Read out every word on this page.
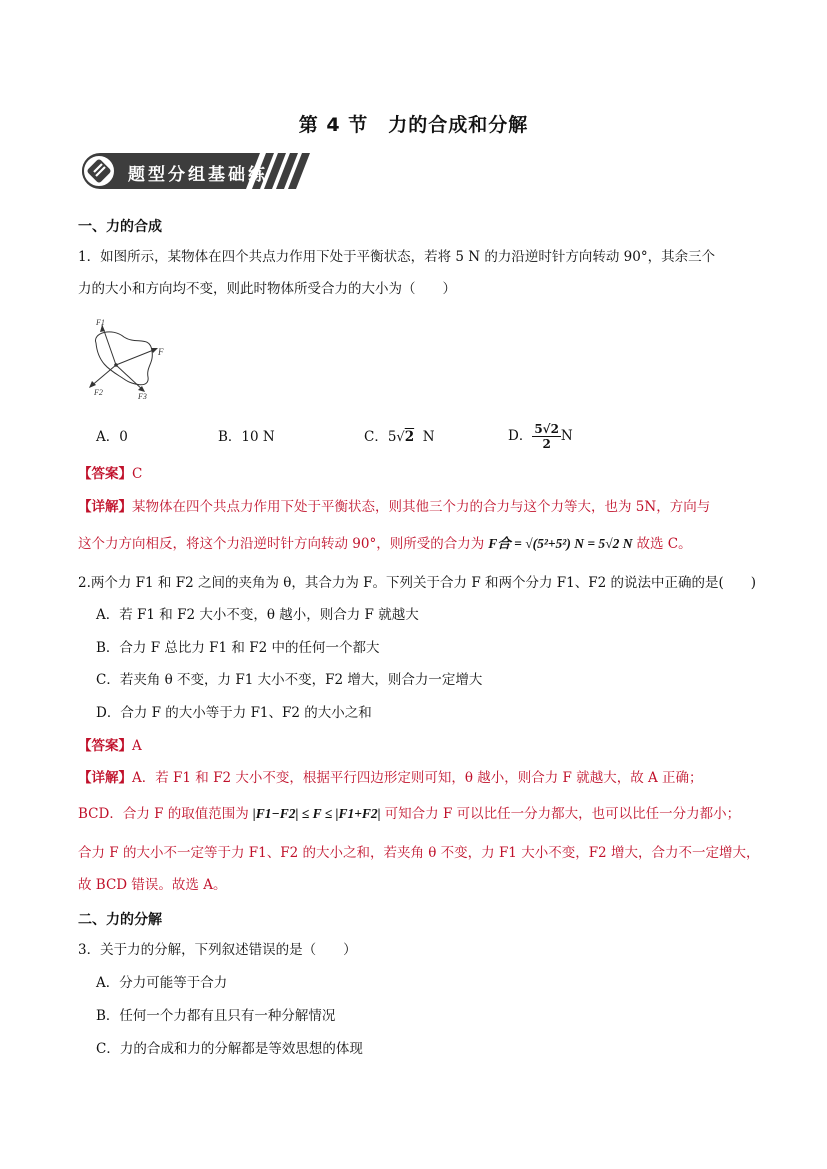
第 4 节　力的合成和分解
题型分组基础练
一、力的合成
1．如图所示，某物体在四个共点力作用下处于平衡状态，若将 5 N 的力沿逆时针方向转动 90°，其余三个
力的大小和方向均不变，则此时物体所受合力的大小为（　　）
F1
F
F2	F3
A．0	B．10 N	C．5√2 N	D． $\frac{5√2}{2}$ N
【答案】C
【详解】某物体在四个共点力作用下处于平衡状态，则其他三个力的合力与这个力等大，也为 5N，方向与
这个力方向相反，将这个力沿逆时针方向转动 90°，则所受的合力为 F合 = √(5²+5²) N = 5√2 N 故选 C。
2.两个力 F1 和 F2 之间的夹角为 θ，其合力为 F。下列关于合力 F 和两个分力 F1、F2 的说法中正确的是(　　)
A．若 F1 和 F2 大小不变，θ 越小，则合力 F 就越大
B．合力 F 总比力 F1 和 F2 中的任何一个都大
C．若夹角 θ 不变，力 F1 大小不变，F2 增大，则合力一定增大
D．合力 F 的大小等于力 F1、F2 的大小之和
【答案】A
【详解】A．若 F1 和 F2 大小不变，根据平行四边形定则可知，θ 越小，则合力 F 就越大，故 A 正确；
BCD．合力 F 的取值范围为 |F1−F2| ≤ F ≤ |F1+F2| 可知合力 F 可以比任一分力都大，也可以比任一分力都小；
合力 F 的大小不一定等于力 F1、F2 的大小之和，若夹角 θ 不变，力 F1 大小不变，F2 增大，合力不一定增大，
故 BCD 错误。故选 A。
二、力的分解
3．关于力的分解，下列叙述错误的是（　　）
A．分力可能等于合力
B．任何一个力都有且只有一种分解情况
C．力的合成和力的分解都是等效思想的体现
